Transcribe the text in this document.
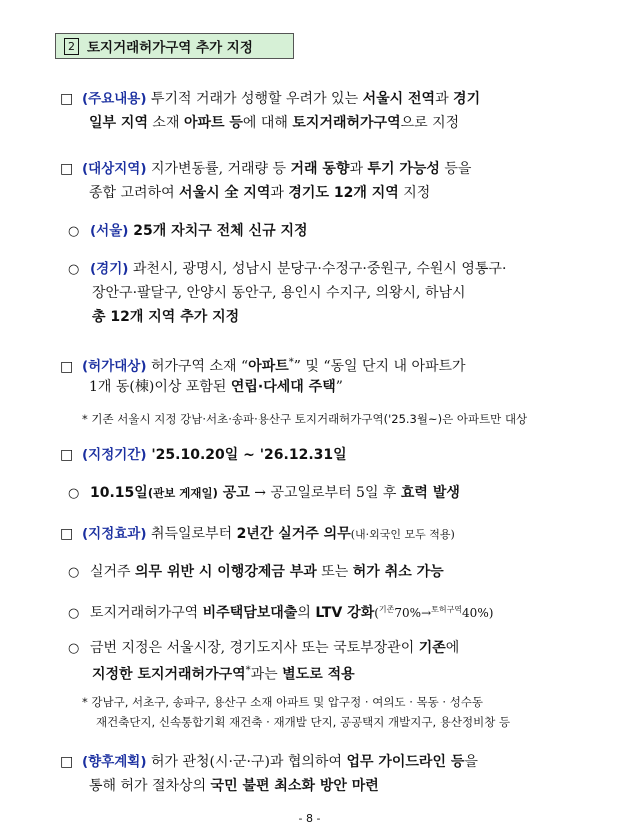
2 토지거래허가구역 추가 지정
□ (주요내용) 투기적 거래가 성행할 우려가 있는 서울시 전역과 경기
일부 지역 소재 아파트 등에 대해 토지거래허가구역으로 지정
□ (대상지역) 지가변동률, 거래량 등 거래 동향과 투기 가능성 등을
종합 고려하여 서울시 全 지역과 경기도 12개 지역 지정
○ (서울) 25개 자치구 전체 신규 지정
○ (경기) 과천시, 광명시, 성남시 분당구·수정구·중원구, 수원시 영통구·
장안구·팔달구, 안양시 동안구, 용인시 수지구, 의왕시, 하남시
총 12개 지역 추가 지정
□ (허가대상) 허가구역 소재 “아파트*” 및 “동일 단지 내 아파트가
1개 동(棟)이상 포함된 연립·다세대 주택”
* 기존 서울시 지정 강남·서초·송파·용산구 토지거래허가구역('25.3월~)은 아파트만 대상
□ (지정기간) '25.10.20일 ~ '26.12.31일
○ 10.15일(관보 게재일) 공고 → 공고일로부터 5일 후 효력 발생
□ (지정효과) 취득일로부터 2년간 실거주 의무(내·외국인 모두 적용)
○ 실거주 의무 위반 시 이행강제금 부과 또는 허가 취소 가능
○ 토지거래허가구역 비주택담보대출의 LTV 강화($^{기존}$70%→$^{토허구역}$40%)
○ 금번 지정은 서울시장, 경기도지사 또는 국토부장관이 기존에
지정한 토지거래허가구역*과는 별도로 적용
* 강남구, 서초구, 송파구, 용산구 소재 아파트 및 압구정 · 여의도 · 목동 · 성수동
재건축단지, 신속통합기획 재건축 · 재개발 단지, 공공택지 개발지구, 용산정비창 등
□ (향후계획) 허가 관청(시·군·구)과 협의하여 업무 가이드라인 등을
통해 허가 절차상의 국민 불편 최소화 방안 마련
- 8 -
